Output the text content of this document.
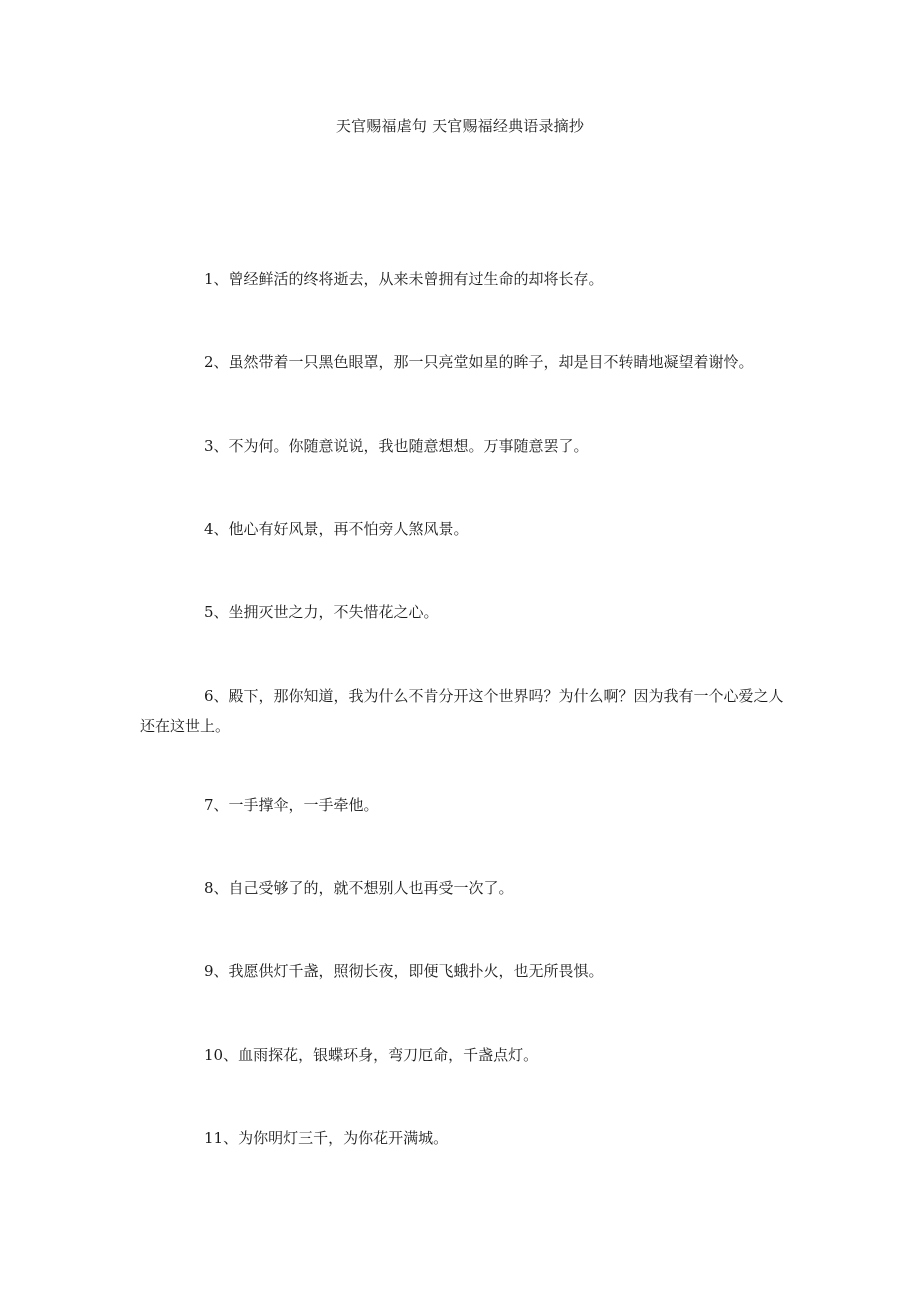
天官赐福虐句 天官赐福经典语录摘抄

1、曾经鲜活的终将逝去，从来未曾拥有过生命的却将长存。

2、虽然带着一只黑色眼罩，那一只亮堂如星的眸子，却是目不转睛地凝望着谢怜。

3、不为何。你随意说说，我也随意想想。万事随意罢了。

4、他心有好风景，再不怕旁人煞风景。

5、坐拥灭世之力，不失惜花之心。

6、殿下，那你知道，我为什么不肯分开这个世界吗？为什么啊？因为我有一个心爱之人还在这世上。

7、一手撑伞，一手牵他。

8、自己受够了的，就不想别人也再受一次了。

9、我愿供灯千盏，照彻长夜，即便飞蛾扑火，也无所畏惧。

10、血雨探花，银蝶环身，弯刀厄命，千盏点灯。

11、为你明灯三千，为你花开满城。
